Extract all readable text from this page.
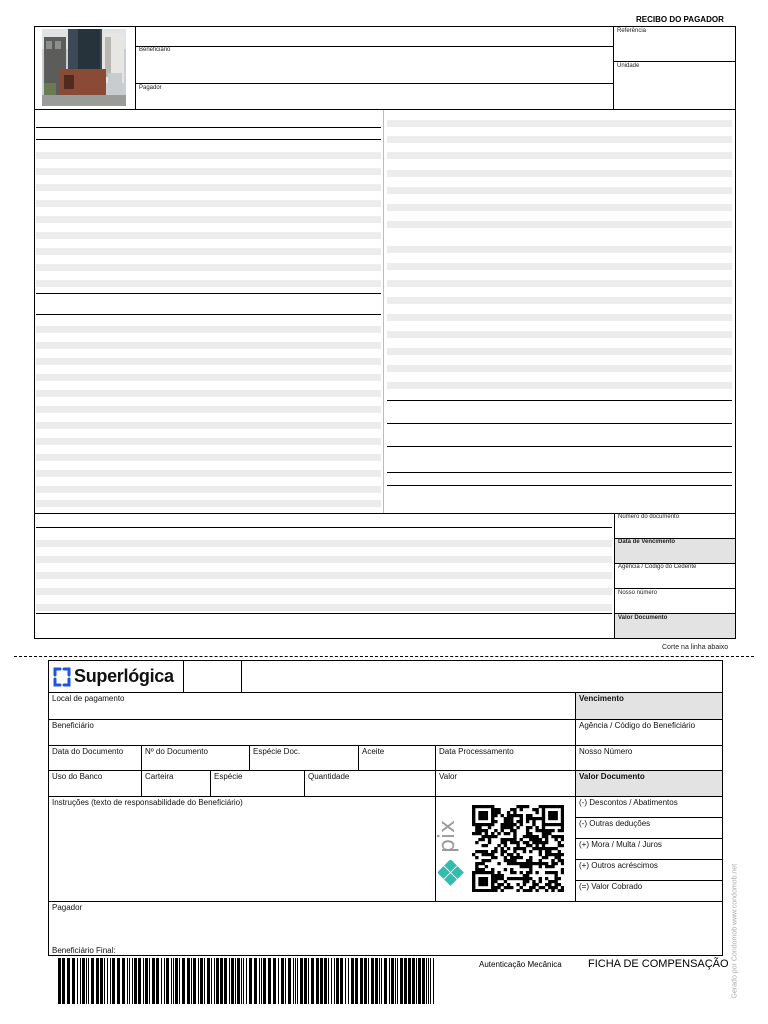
RECIBO DO PAGADOR
Referência
Unidade
Beneficiário
Pagador
Número do documento
Data de Vencimento
Agência / Código do Cedente
Nosso número
Valor Documento
Corte na linha abaixo
Superlógica
Local de pagamento	Vencimento
Beneficiário	Agência / Código do Beneficiário
Data do Documento	Nº do Documento	Espécie Doc.	Aceite	Data Processamento	Nosso Número
Uso do Banco	Carteira	Espécie	Quantidade	Valor	Valor Documento
Instruções (texto de responsabilidade do Beneficiário)	(-) Descontos / Abatimentos
(-) Outras deduções
(+) Mora / Multa / Juros
(+) Outros acréscimos
(=) Valor Cobrado
Pagador
Beneficiário Final:
pix
Autenticação Mecânica FICHA DE COMPENSAÇÃO Gerado por Condomob www.condomob.net
